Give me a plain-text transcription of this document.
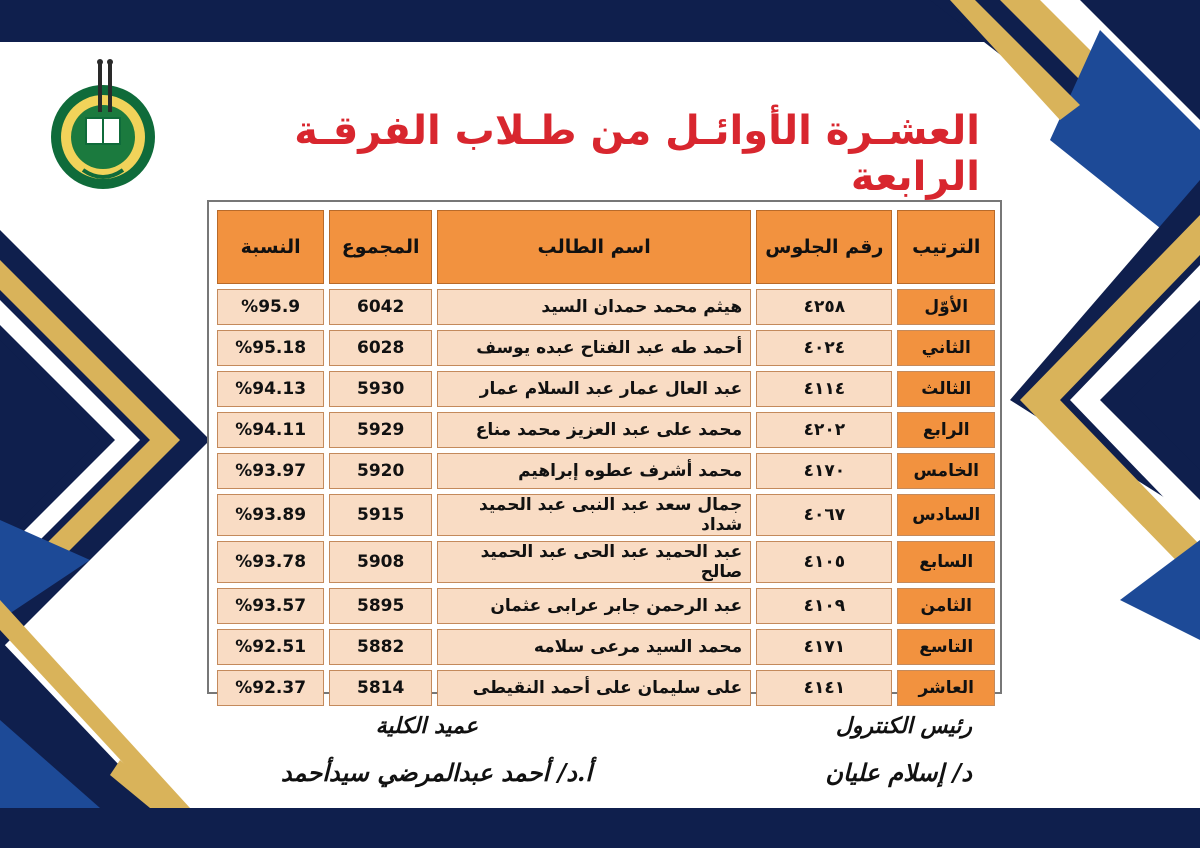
العشـرة الأوائـل من طـلاب الفرقـة الرابعة
الترتيب	رقم الجلوس	اسم الطالب	المجموع	النسبة
الأوّل	٤٢٥٨	هيثم محمد حمدان السيد	6042	%95.9
الثاني	٤٠٢٤	أحمد طه عبد الفتاح عبده يوسف	6028	%95.18
الثالث	٤١١٤	عبد العال عمار عبد السلام عمار	5930	%94.13
الرابع	٤٢٠٢	محمد على عبد العزيز محمد مناع	5929	%94.11
الخامس	٤١٧٠	محمد أشرف عطوه إبراهيم	5920	%93.97
السادس	٤٠٦٧	جمال سعد عبد النبى عبد الحميد شداد	5915	%93.89
السابع	٤١٠٥	عبد الحميد عبد الحى عبد الحميد صالح	5908	%93.78
الثامن	٤١٠٩	عبد الرحمن جابر عرابى عثمان	5895	%93.57
التاسع	٤١٧١	محمد السيد مرعى سلامه	5882	%92.51
العاشر	٤١٤١	على سليمان على أحمد النقيطى	5814	%92.37
رئيس الكنترول
د/ إسلام عليان
عميد الكلية
أ.د/ أحمد عبدالمرضي سيدأحمد
